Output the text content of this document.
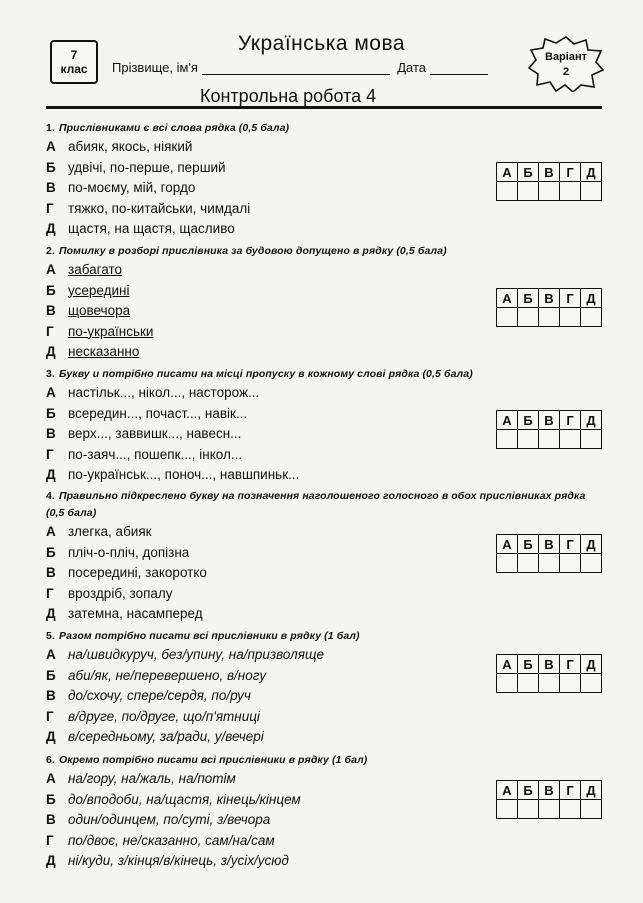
7
клас
Українська мова
Прізвище, ім'я	Дата
Варіант
2
Контрольна робота 4
1. Прислівниками є всі слова рядка (0,5 бала)
А абияк, якось, ніякий
Б удвічі, по-перше, перший
В по-моєму, мій, гордо
Г тяжко, по-китайськи, чимдалі
Д щастя, на щастя, щасливо
А	Б	В	Г	Д

2. Помилку в розборі прислівника за будовою допущено в рядку (0,5 бала)
А забагато
Б усередині
В щовечора
Г по-українськи
Д несказанно
А	Б	В	Г	Д

3. Букву и потрібно писати на місці пропуску в кожному слові рядка (0,5 бала)
А настільк..., нікол..., насторож...
Б всередин..., почаст..., навік...
В верх..., заввишк..., навесн...
Г по-заяч..., пошепк..., інкол...
Д по-українськ..., поноч..., навшпиньк...
А	Б	В	Г	Д

4. Правильно підкреслено букву на позначення наголошеного голосного в обох прислівниках рядка (0,5 бала)
А злегка, абияк
Б пліч-о-пліч, допізна
В посередині, закоротко
Г вроздріб, зопалу
Д затемна, насамперед
А	Б	В	Г	Д

5. Разом потрібно писати всі прислівники в рядку (1 бал)
А на/швидкуруч, без/упину, на/призволяще
Б аби/як, не/перевершено, в/ногу
В до/схочу, спере/сердя, по/руч
Г в/друге, по/друге, що/п'ятниці
Д в/середньому, за/ради, у/вечері
А	Б	В	Г	Д

6. Окремо потрібно писати всі прислівники в рядку (1 бал)
А на/гору, на/жаль, на/потім
Б до/вподоби, на/щастя, кінець/кінцем
В один/одинцем, по/суті, з/вечора
Г по/двоє, не/сказанно, сам/на/сам
Д ні/куди, з/кінця/в/кінець, з/усіх/усюд
А	Б	В	Г	Д
